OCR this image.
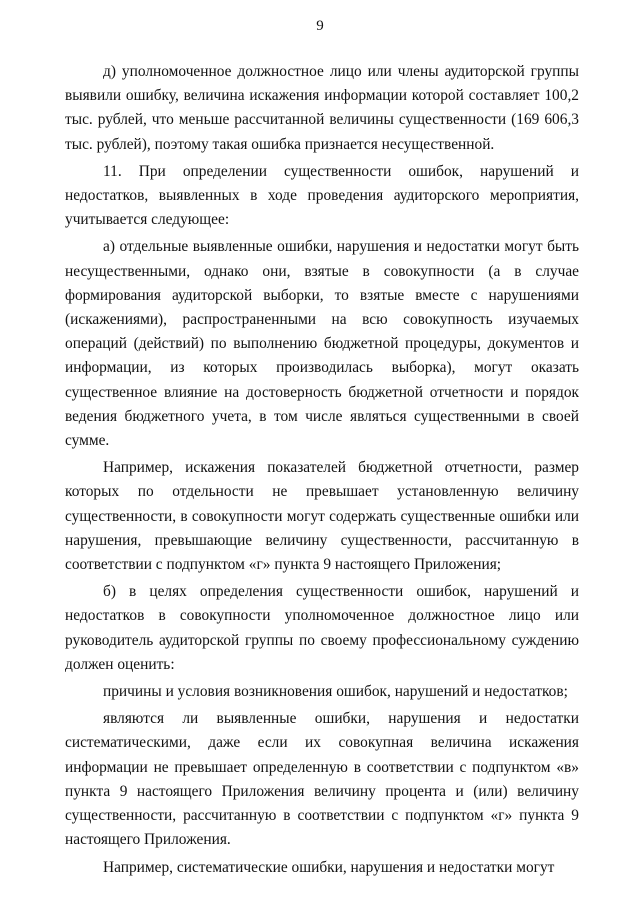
9

д) уполномоченное должностное лицо или члены аудиторской группы выявили ошибку, величина искажения информации которой составляет 100,2 тыс. рублей, что меньше рассчитанной величины существенности (169 606,3 тыс. рублей), поэтому такая ошибка признается несущественной.

11. При определении существенности ошибок, нарушений и недостатков, выявленных в ходе проведения аудиторского мероприятия, учитывается следующее:

а) отдельные выявленные ошибки, нарушения и недостатки могут быть несущественными, однако они, взятые в совокупности (а в случае формирования аудиторской выборки, то взятые вместе с нарушениями (искажениями), распространенными на всю совокупность изучаемых операций (действий) по выполнению бюджетной процедуры, документов и информации, из которых производилась выборка), могут оказать существенное влияние на достоверность бюджетной отчетности и порядок ведения бюджетного учета, в том числе являться существенными в своей сумме.

Например, искажения показателей бюджетной отчетности, размер которых по отдельности не превышает установленную величину существенности, в совокупности могут содержать существенные ошибки или нарушения, превышающие величину существенности, рассчитанную в соответствии с подпунктом «г» пункта 9 настоящего Приложения;

б) в целях определения существенности ошибок, нарушений и недостатков в совокупности уполномоченное должностное лицо или руководитель аудиторской группы по своему профессиональному суждению должен оценить:

причины и условия возникновения ошибок, нарушений и недостатков;

являются ли выявленные ошибки, нарушения и недостатки систематическими, даже если их совокупная величина искажения информации не превышает определенную в соответствии с подпунктом «в» пункта 9 настоящего Приложения величину процента и (или) величину существенности, рассчитанную в соответствии с подпунктом «г» пункта 9 настоящего Приложения.

Например, систематические ошибки, нарушения и недостатки могут
